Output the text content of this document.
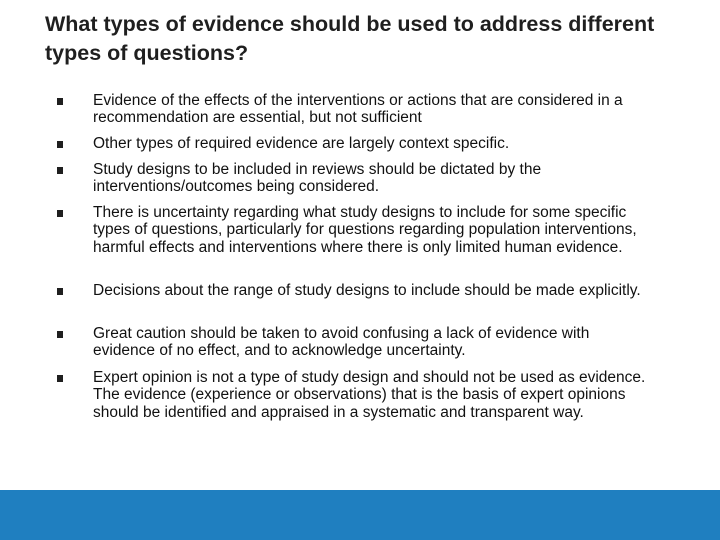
What types of evidence should be used to address different types of questions?
Evidence of the effects of the interventions or actions that are considered in a recommendation are essential, but not sufficient
Other types of required evidence are largely context specific.
Study designs to be included in reviews should be dictated by the interventions/outcomes being considered.
There is uncertainty regarding what study designs to include for some specific types of questions, particularly for questions regarding population interventions, harmful effects and interventions where there is only limited human evidence.
Decisions about the range of study designs to include should be made explicitly.
Great caution should be taken to avoid confusing a lack of evidence with evidence of no effect, and to acknowledge uncertainty.
Expert opinion is not a type of study design and should not be used as evidence. The evidence (experience or observations) that is the basis of expert opinions should be identified and appraised in a systematic and transparent way.
